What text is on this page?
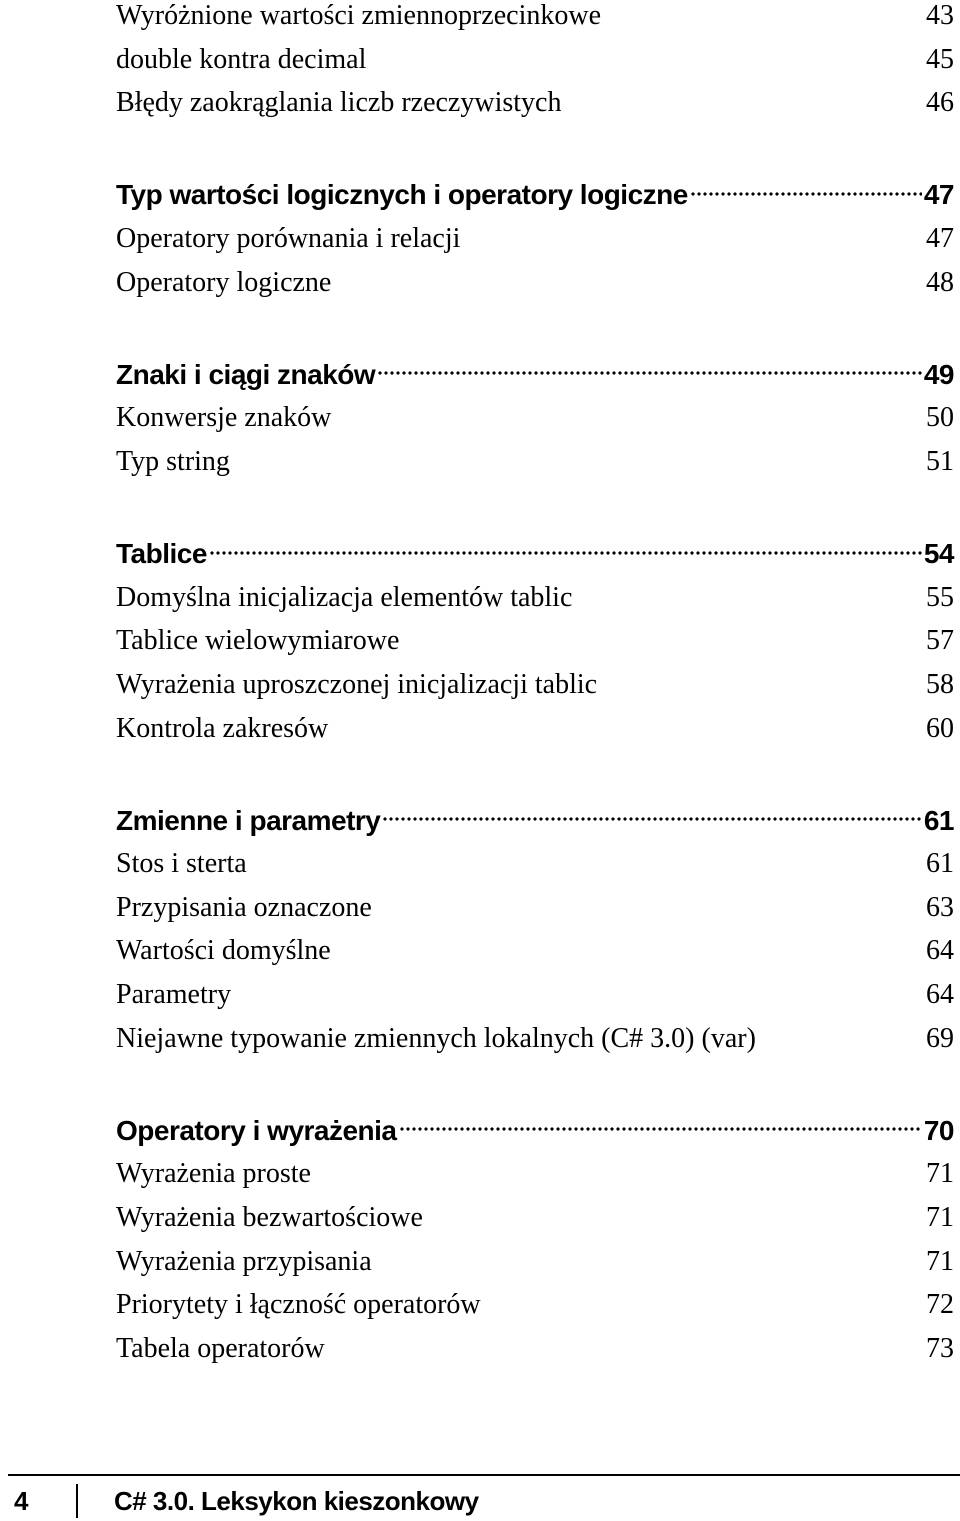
Wyróżnione wartości zmiennoprzecinkowe	43
double kontra decimal	45
Błędy zaokrąglania liczb rzeczywistych	46
Typ wartości logicznych i operatory logiczne	47
Operatory porównania i relacji	47
Operatory logiczne	48
Znaki i ciągi znaków	49
Konwersje znaków	50
Typ string	51
Tablice	54
Domyślna inicjalizacja elementów tablic	55
Tablice wielowymiarowe	57
Wyrażenia uproszczonej inicjalizacji tablic	58
Kontrola zakresów	60
Zmienne i parametry	61
Stos i sterta	61
Przypisania oznaczone	63
Wartości domyślne	64
Parametry	64
Niejawne typowanie zmiennych lokalnych (C# 3.0) (var)	69
Operatory i wyrażenia	70
Wyrażenia proste	71
Wyrażenia bezwartościowe	71
Wyrażenia przypisania	71
Priorytety i łączność operatorów	72
Tabela operatorów	73
4	C# 3.0. Leksykon kieszonkowy
